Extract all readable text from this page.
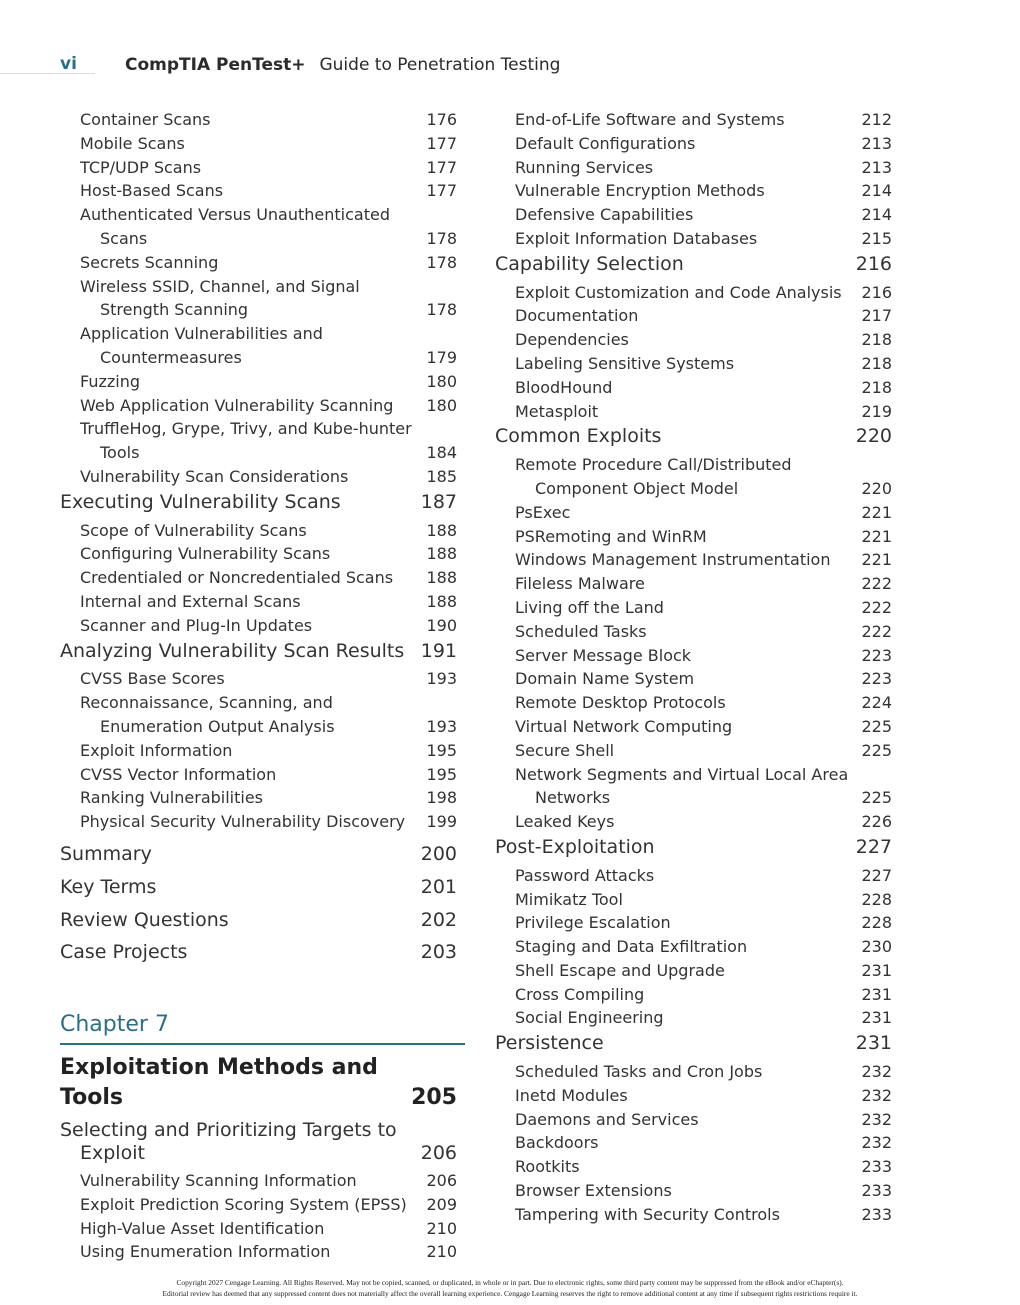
vi	CompTIA PenTest+ Guide to Penetration Testing
Container Scans	176
Mobile Scans	177
TCP/UDP Scans	177
Host-Based Scans	177
Authenticated Versus Unauthenticated Scans	178
Secrets Scanning	178
Wireless SSID, Channel, and Signal Strength Scanning	178
Application Vulnerabilities and Countermeasures	179
Fuzzing	180
Web Application Vulnerability Scanning 180
TruffleHog, Grype, Trivy, and Kube-hunter Tools	184
Vulnerability Scan Considerations	185
Executing Vulnerability Scans	187
Scope of Vulnerability Scans	188
Configuring Vulnerability Scans	188
Credentialed or Noncredentialed Scans 188
Internal and External Scans	188
Scanner and Plug-In Updates	190
Analyzing Vulnerability Scan Results 191
CVSS Base Scores	193
Reconnaissance, Scanning, and Enumeration Output Analysis	193
Exploit Information	195
CVSS Vector Information	195
Ranking Vulnerabilities	198
Physical Security Vulnerability Discovery 199
Summary	200
Key Terms	201
Review Questions	202
Case Projects	203
Chapter 7
Exploitation Methods and Tools	205
Selecting and Prioritizing Targets to Exploit	206
Vulnerability Scanning Information	206
Exploit Prediction Scoring System (EPSS) 209
High-Value Asset Identification	210
Using Enumeration Information	210
End-of-Life Software and Systems	212
Default Configurations	213
Running Services	213
Vulnerable Encryption Methods	214
Defensive Capabilities	214
Exploit Information Databases	215
Capability Selection	216
Exploit Customization and Code Analysis 216
Documentation	217
Dependencies	218
Labeling Sensitive Systems	218
BloodHound	218
Metasploit	219
Common Exploits	220
Remote Procedure Call/Distributed Component Object Model	220
PsExec	221
PSRemoting and WinRM	221
Windows Management Instrumentation 221
Fileless Malware	222
Living off the Land	222
Scheduled Tasks	222
Server Message Block	223
Domain Name System	223
Remote Desktop Protocols	224
Virtual Network Computing	225
Secure Shell	225
Network Segments and Virtual Local Area Networks	225
Leaked Keys	226
Post-Exploitation	227
Password Attacks	227
Mimikatz Tool	228
Privilege Escalation	228
Staging and Data Exfiltration	230
Shell Escape and Upgrade	231
Cross Compiling	231
Social Engineering	231
Persistence	231
Scheduled Tasks and Cron Jobs	232
Inetd Modules	232
Daemons and Services	232
Backdoors	232
Rootkits	233
Browser Extensions	233
Tampering with Security Controls	233
Copyright 2027 Cengage Learning. All Rights Reserved. May not be copied, scanned, or duplicated, in whole or in part. Due to electronic rights, some third party content may be suppressed from the eBook and/or eChapter(s).
Editorial review has deemed that any suppressed content does not materially affect the overall learning experience. Cengage Learning reserves the right to remove additional content at any time if subsequent rights restrictions require it.
